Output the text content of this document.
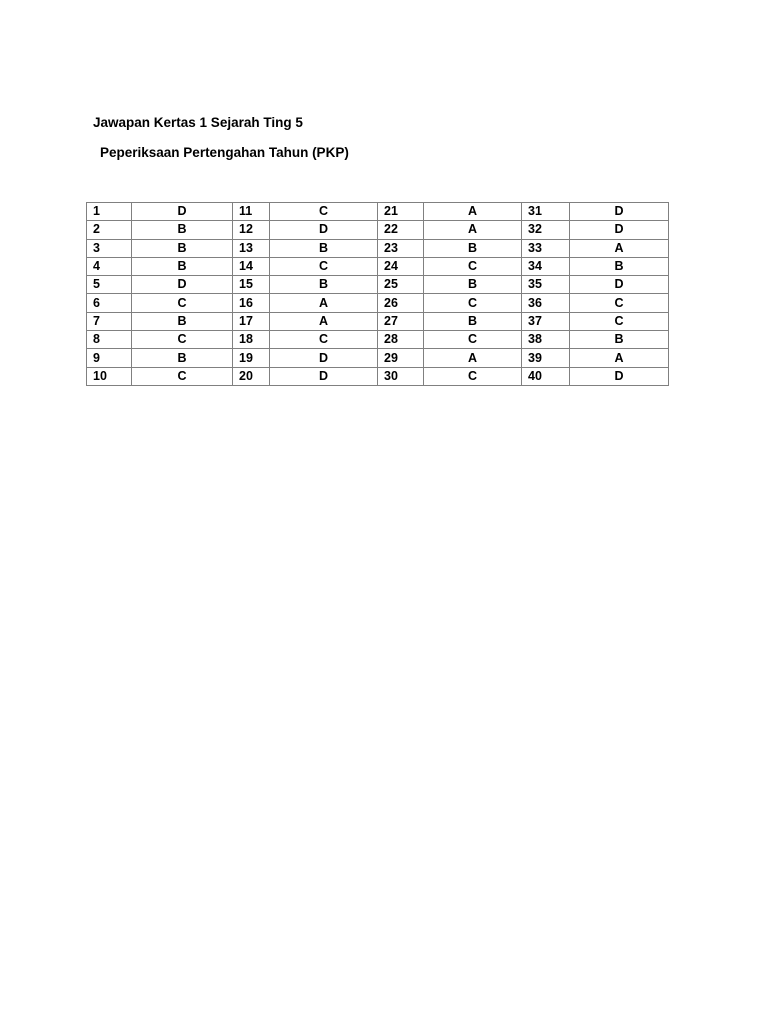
Jawapan Kertas 1 Sejarah Ting 5
Peperiksaan Pertengahan Tahun (PKP)
1	D	11	C	21	A	31	D
2	B	12	D	22	A	32	D
3	B	13	B	23	B	33	A
4	B	14	C	24	C	34	B
5	D	15	B	25	B	35	D
6	C	16	A	26	C	36	C
7	B	17	A	27	B	37	C
8	C	18	C	28	C	38	B
9	B	19	D	29	A	39	A
10	C	20	D	30	C	40	D
